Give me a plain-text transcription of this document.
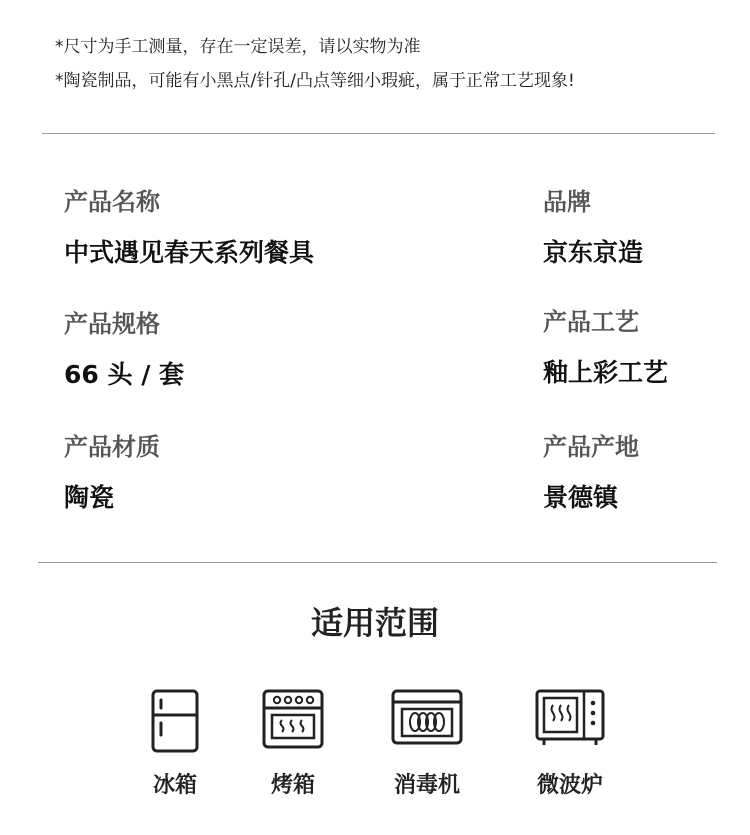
*尺寸为手工测量，存在一定误差，请以实物为准
*陶瓷制品，可能有小黑点/针孔/凸点等细小瑕疵，属于正常工艺现象!
产品名称
中式遇见春天系列餐具
品牌
京东京造
产品规格
66 头 / 套
产品工艺
釉上彩工艺
产品材质
陶瓷
产品产地
景德镇
适用范围
冰箱	烤箱	消毒机	微波炉
